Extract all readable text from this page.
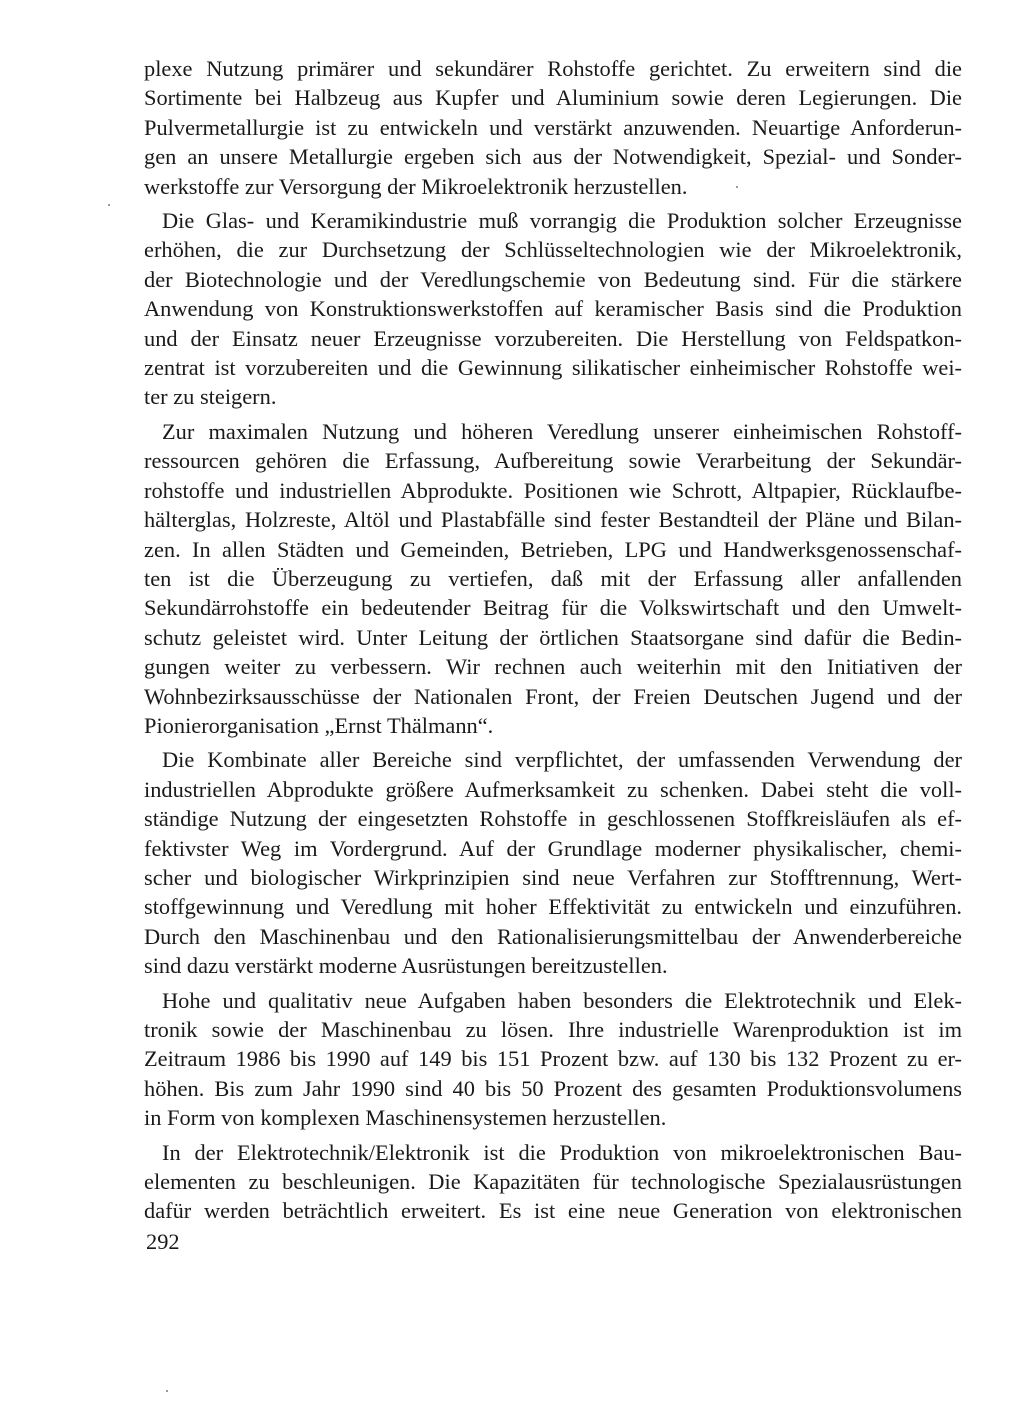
plexe Nutzung primärer und sekundärer Rohstoffe gerichtet. Zu erweitern sind die
Sortimente bei Halbzeug aus Kupfer und Aluminium sowie deren Legierungen. Die
Pulvermetallurgie ist zu entwickeln und verstärkt anzuwenden. Neuartige Anforderun-
gen an unsere Metallurgie ergeben sich aus der Notwendigkeit, Spezial- und Sonder-
werkstoffe zur Versorgung der Mikroelektronik herzustellen.
Die Glas- und Keramikindustrie muß vorrangig die Produktion solcher Erzeugnisse
erhöhen, die zur Durchsetzung der Schlüsseltechnologien wie der Mikroelektronik,
der Biotechnologie und der Veredlungschemie von Bedeutung sind. Für die stärkere
Anwendung von Konstruktionswerkstoffen auf keramischer Basis sind die Produktion
und der Einsatz neuer Erzeugnisse vorzubereiten. Die Herstellung von Feldspatkon-
zentrat ist vorzubereiten und die Gewinnung silikatischer einheimischer Rohstoffe wei-
ter zu steigern.
Zur maximalen Nutzung und höheren Veredlung unserer einheimischen Rohstoff-
ressourcen gehören die Erfassung, Aufbereitung sowie Verarbeitung der Sekundär-
rohstoffe und industriellen Abprodukte. Positionen wie Schrott, Altpapier, Rücklaufbe-
hälterglas, Holzreste, Altöl und Plastabfälle sind fester Bestandteil der Pläne und Bilan-
zen. In allen Städten und Gemeinden, Betrieben, LPG und Handwerksgenossenschaf-
ten ist die Überzeugung zu vertiefen, daß mit der Erfassung aller anfallenden
Sekundärrohstoffe ein bedeutender Beitrag für die Volkswirtschaft und den Umwelt-
schutz geleistet wird. Unter Leitung der örtlichen Staatsorgane sind dafür die Bedin-
gungen weiter zu verbessern. Wir rechnen auch weiterhin mit den Initiativen der
Wohnbezirksausschüsse der Nationalen Front, der Freien Deutschen Jugend und der
Pionierorganisation „Ernst Thälmann“.
Die Kombinate aller Bereiche sind verpflichtet, der umfassenden Verwendung der
industriellen Abprodukte größere Aufmerksamkeit zu schenken. Dabei steht die voll-
ständige Nutzung der eingesetzten Rohstoffe in geschlossenen Stoffkreisläufen als ef-
fektivster Weg im Vordergrund. Auf der Grundlage moderner physikalischer, chemi-
scher und biologischer Wirkprinzipien sind neue Verfahren zur Stofftrennung, Wert-
stoffgewinnung und Veredlung mit hoher Effektivität zu entwickeln und einzuführen.
Durch den Maschinenbau und den Rationalisierungsmittelbau der Anwenderbereiche
sind dazu verstärkt moderne Ausrüstungen bereitzustellen.
Hohe und qualitativ neue Aufgaben haben besonders die Elektrotechnik und Elek-
tronik sowie der Maschinenbau zu lösen. Ihre industrielle Warenproduktion ist im
Zeitraum 1986 bis 1990 auf 149 bis 151 Prozent bzw. auf 130 bis 132 Prozent zu er-
höhen. Bis zum Jahr 1990 sind 40 bis 50 Prozent des gesamten Produktionsvolumens
in Form von komplexen Maschinensystemen herzustellen.
In der Elektrotechnik/Elektronik ist die Produktion von mikroelektronischen Bau-
elementen zu beschleunigen. Die Kapazitäten für technologische Spezialausrüstungen
dafür werden beträchtlich erweitert. Es ist eine neue Generation von elektronischen
292
